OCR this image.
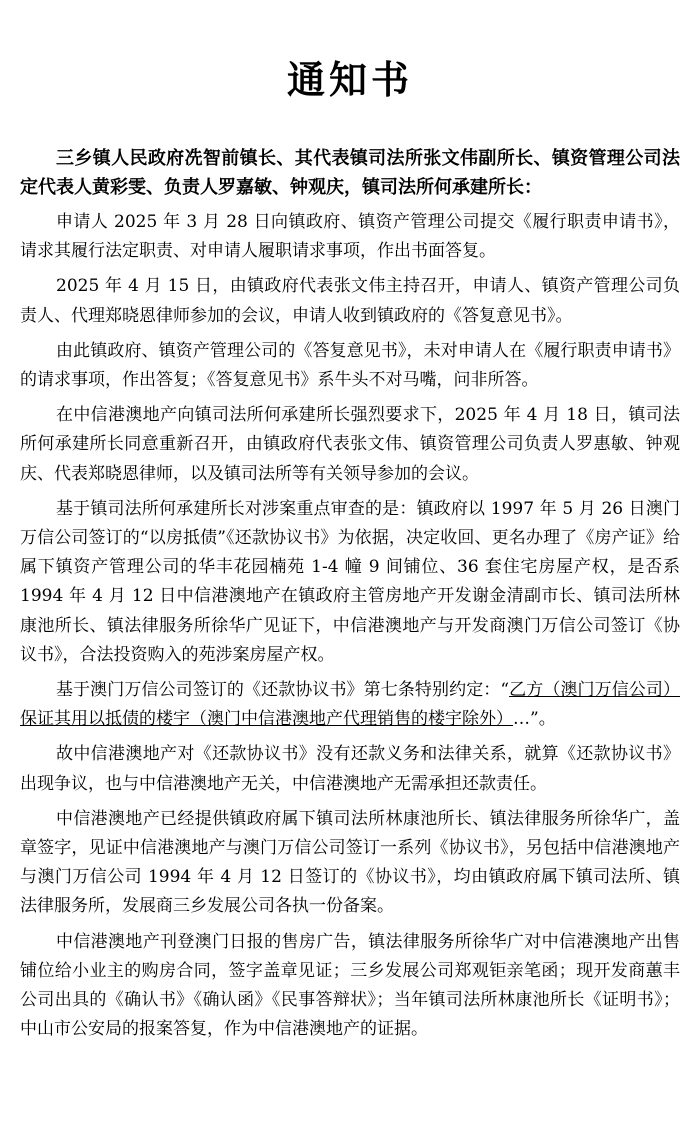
通知书

三乡镇人民政府冼智前镇长、其代表镇司法所张文伟副所长、镇资管理公司法定代表人黄彩雯、负责人罗嘉敏、钟观庆，镇司法所何承建所长：

申请人 2025 年 3 月 28 日向镇政府、镇资产管理公司提交《履行职责申请书》，请求其履行法定职责、对申请人履职请求事项，作出书面答复。

2025 年 4 月 15 日，由镇政府代表张文伟主持召开，申请人、镇资产管理公司负责人、代理郑晓恩律师参加的会议，申请人收到镇政府的《答复意见书》。

由此镇政府、镇资产管理公司的《答复意见书》，未对申请人在《履行职责申请书》的请求事项，作出答复；《答复意见书》系牛头不对马嘴，问非所答。

在中信港澳地产向镇司法所何承建所长强烈要求下，2025 年 4 月 18 日，镇司法所何承建所长同意重新召开，由镇政府代表张文伟、镇资管理公司负责人罗惠敏、钟观庆、代表郑晓恩律师，以及镇司法所等有关领导参加的会议。

基于镇司法所何承建所长对涉案重点审查的是：镇政府以 1997 年 5 月 26 日澳门万信公司签订的“以房抵债”《还款协议书》为依据，决定收回、更名办理了《房产证》给属下镇资产管理公司的华丰花园楠苑 1-4 幢 9 间铺位、36 套住宅房屋产权，是否系 1994 年 4 月 12 日中信港澳地产在镇政府主管房地产开发谢金清副市长、镇司法所林康池所长、镇法律服务所徐华广见证下，中信港澳地产与开发商澳门万信公司签订《协议书》，合法投资购入的苑涉案房屋产权。

基于澳门万信公司签订的《还款协议书》第七条特别约定：“乙方（澳门万信公司）保证其用以抵债的楼宇（澳门中信港澳地产代理销售的楼宇除外）…”。

故中信港澳地产对《还款协议书》没有还款义务和法律关系，就算《还款协议书》出现争议，也与中信港澳地产无关，中信港澳地产无需承担还款责任。

中信港澳地产已经提供镇政府属下镇司法所林康池所长、镇法律服务所徐华广，盖章签字，见证中信港澳地产与澳门万信公司签订一系列《协议书》，另包括中信港澳地产与澳门万信公司 1994 年 4 月 12 日签订的《协议书》，均由镇政府属下镇司法所、镇法律服务所，发展商三乡发展公司各执一份备案。

中信港澳地产刊登澳门日报的售房广告，镇法律服务所徐华广对中信港澳地产出售铺位给小业主的购房合同，签字盖章见证；三乡发展公司郑观钜亲笔函；现开发商蕙丰公司出具的《确认书》《确认函》《民事答辩状》；当年镇司法所林康池所长《证明书》；中山市公安局的报案答复，作为中信港澳地产的证据。
